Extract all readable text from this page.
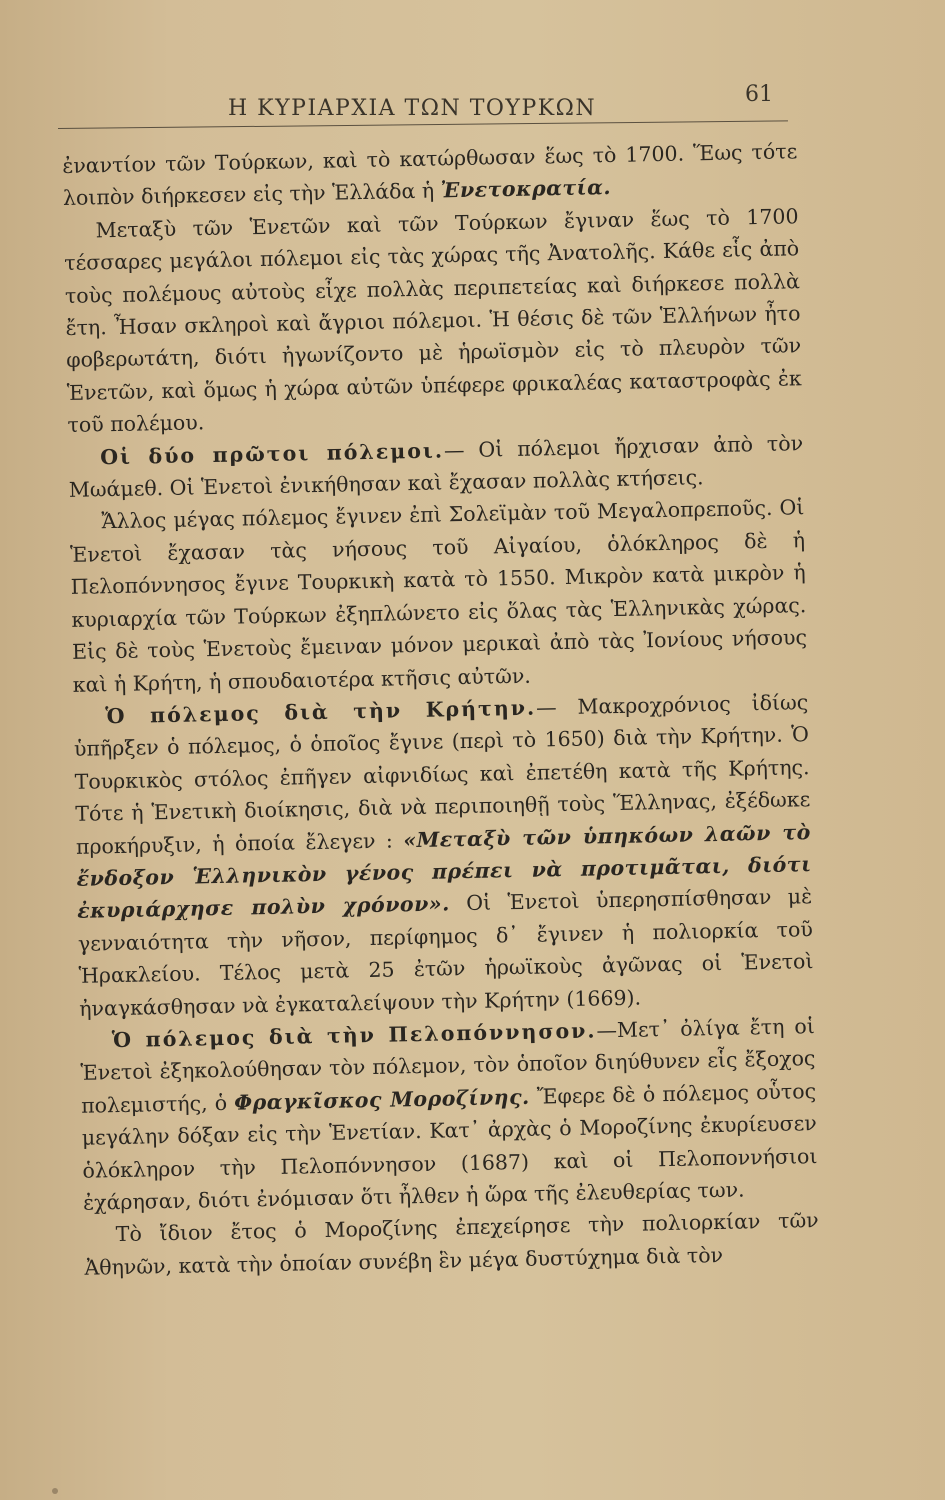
Η ΚΥΡΙΑΡΧΙΑ ΤΩΝ ΤΟΥΡΚΩΝ
61

ἐναντίον τῶν Τούρκων, καὶ τὸ κατώρθωσαν ἕως τὸ 1700. Ἕως τότε λοιπὸν διήρκεσεν εἰς τὴν Ἑλλάδα ἡ Ἐνετοκρατία.

Μεταξὺ τῶν Ἑνετῶν καὶ τῶν Τούρκων ἔγιναν ἕως τὸ 1700 τέσσαρες μεγάλοι πόλεμοι εἰς τὰς χώρας τῆς Ἀνατολῆς. Κάθε εἷς ἀπὸ τοὺς πολέμους αὐτοὺς εἶχε πολλὰς περιπετείας καὶ διήρκεσε πολλὰ ἔτη. Ἦσαν σκληροὶ καὶ ἄγριοι πόλεμοι. Ἡ θέσις δὲ τῶν Ἑλλήνων ἦτο φοβερωτάτη, διότι ἠγωνίζοντο μὲ ἡρωϊσμὸν εἰς τὸ πλευρὸν τῶν Ἑνετῶν, καὶ ὅμως ἡ χώρα αὐτῶν ὑπέφερε φρικαλέας καταστροφὰς ἐκ τοῦ πολέμου.

Οἱ δύο πρῶτοι πόλεμοι.— Οἱ πόλεμοι ἤρχισαν ἀπὸ τὸν Μωάμεθ. Οἱ Ἑνετοὶ ἐνικήθησαν καὶ ἔχασαν πολλὰς κτήσεις.

Ἄλλος μέγας πόλεμος ἔγινεν ἐπὶ Σολεϊμὰν τοῦ Μεγαλοπρεποῦς. Οἱ Ἑνετοὶ ἔχασαν τὰς νήσους τοῦ Αἰγαίου, ὁλόκληρος δὲ ἡ Πελοπόννησος ἔγινε Τουρκικὴ κατὰ τὸ 1550. Μικρὸν κατὰ μικρὸν ἡ κυριαρχία τῶν Τούρκων ἐξηπλώνετο εἰς ὅλας τὰς Ἑλληνικὰς χώρας. Εἰς δὲ τοὺς Ἑνετοὺς ἔμειναν μόνον μερικαὶ ἀπὸ τὰς Ἰονίους νήσους καὶ ἡ Κρήτη, ἡ σπουδαιοτέρα κτῆσις αὐτῶν.

Ὁ πόλεμος διὰ τὴν Κρήτην.— Μακροχρόνιος ἰδίως ὑπῆρξεν ὁ πόλεμος, ὁ ὁποῖος ἔγινε (περὶ τὸ 1650) διὰ τὴν Κρήτην. Ὁ Τουρκικὸς στόλος ἐπῆγεν αἰφνιδίως καὶ ἐπετέθη κατὰ τῆς Κρήτης. Τότε ἡ Ἑνετικὴ διοίκησις, διὰ νὰ περιποιηθῇ τοὺς Ἕλληνας, ἐξέδωκε προκήρυξιν, ἡ ὁποία ἔλεγεν : «Μεταξὺ τῶν ὑπηκόων λαῶν τὸ ἔνδοξον Ἑλληνικὸν γένος πρέπει νὰ προτιμᾶται, διότι ἐκυριάρχησε πολὺν χρόνον». Οἱ Ἑνετοὶ ὑπερησπίσθησαν μὲ γενναιότητα τὴν νῆσον, περίφημος δ᾽ ἔγινεν ἡ πολιορκία τοῦ Ἡρακλείου. Τέλος μετὰ 25 ἐτῶν ἡρωϊκοὺς ἀγῶνας οἱ Ἑνετοὶ ἠναγκάσθησαν νὰ ἐγκαταλείψουν τὴν Κρήτην (1669).

Ὁ πόλεμος διὰ τὴν Πελοπόννησον.—Μετ᾽ ὀλίγα ἔτη οἱ Ἑνετοὶ ἐξηκολούθησαν τὸν πόλεμον, τὸν ὁποῖον διηύθυνεν εἷς ἔξοχος πολεμιστής, ὁ Φραγκῖσκος Μοροζίνης. Ἔφερε δὲ ὁ πόλεμος οὗτος μεγάλην δόξαν εἰς τὴν Ἑνετίαν. Κατ᾽ ἀρχὰς ὁ Μοροζίνης ἐκυρίευσεν ὁλόκληρον τὴν Πελοπόννησον (1687) καὶ οἱ Πελοποννήσιοι ἐχάρησαν, διότι ἐνόμισαν ὅτι ἦλθεν ἡ ὥρα τῆς ἐλευθερίας των.

Τὸ ἴδιον ἔτος ὁ Μοροζίνης ἐπεχείρησε τὴν πολιορκίαν τῶν Ἀθηνῶν, κατὰ τὴν ὁποίαν συνέβη ἓν μέγα δυστύχημα διὰ τὸν
